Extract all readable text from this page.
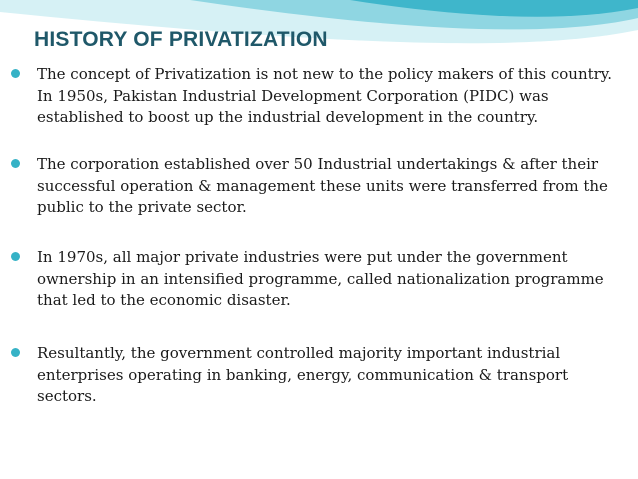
HISTORY OF PRIVATIZATION
The concept of Privatization is not new to the policy makers of this country. In 1950s, Pakistan Industrial Development Corporation (PIDC) was established to boost up the industrial development in the country.
The corporation established over 50 Industrial undertakings & after their successful operation & management these units were transferred from the public to the private sector.
In 1970s, all major private industries were put under the government ownership in an intensified programme, called nationalization programme that led to the economic disaster.
Resultantly, the government controlled majority important industrial enterprises operating in banking, energy, communication & transport sectors.
